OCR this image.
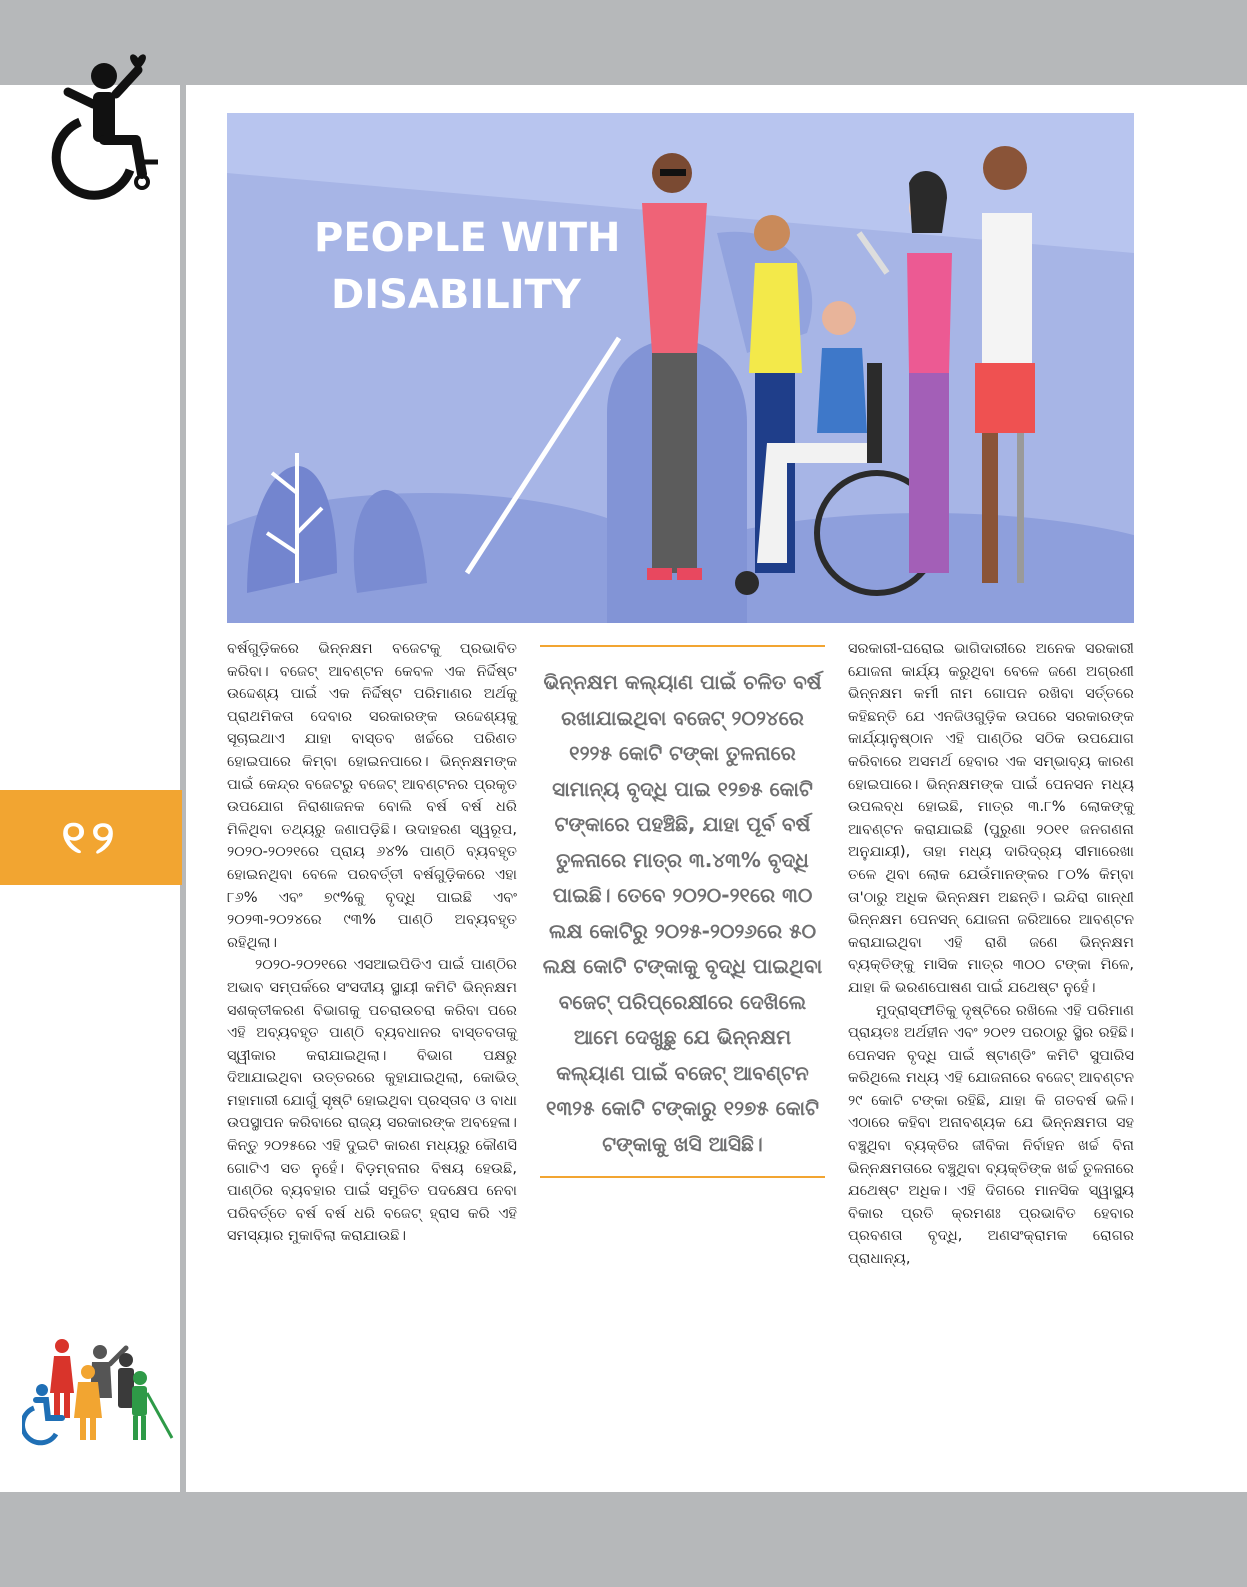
୧୨
PEOPLE WITH
DISABILITY

ବର୍ଷଗୁଡ଼ିକରେ ଭିନ୍ନକ୍ଷମ ବଜେଟକୁ ପ୍ରଭାବିତ କରିବା। ବଜେଟ୍ ଆବଣ୍ଟନ କେବଳ ଏକ ନିର୍ଦ୍ଦିଷ୍ଟ ଉଦ୍ଦେଶ୍ୟ ପାଇଁ ଏକ ନିର୍ଦ୍ଦିଷ୍ଟ ପରିମାଣର ଅର୍ଥକୁ ପ୍ରାଥମିକତା ଦେବାର ସରକାରଙ୍କ ଉଦ୍ଦେଶ୍ୟକୁ ସୂଚାଇଥାଏ ଯାହା ବାସ୍ତବ ଖର୍ଚ୍ଚରେ ପରିଣତ ହୋଇପାରେ କିମ୍ବା ହୋଇନପାରେ। ଭିନ୍ନକ୍ଷମଙ୍କ ପାଇଁ କେନ୍ଦ୍ର ବଜେଟରୁ ବଜେଟ୍ ଆବଣ୍ଟନର ପ୍ରକୃତ ଉପଯୋଗ ନିରାଶାଜନକ ବୋଲି ବର୍ଷ ବର୍ଷ ଧରି ମିଳିଥିବା ତଥ୍ୟରୁ ଜଣାପଡ଼ିଛି। ଉଦାହରଣ ସ୍ୱରୂପ, ୨୦୨୦-୨୦୨୧ରେ ପ୍ରାୟ ୬୪% ପାଣ୍ଠି ବ୍ୟବହୃତ ହୋଇନଥିବା ବେଳେ ପରବର୍ତ୍ତୀ ବର୍ଷଗୁଡ଼ିକରେ ଏହା ୮୬% ଏବଂ ୭୯%କୁ ବୃଦ୍ଧି ପାଇଛି ଏବଂ ୨୦୨୩-୨୦୨୪ରେ ୯୩% ପାଣ୍ଠି ଅବ୍ୟବହୃତ ରହିଥିଲା।

୨୦୨୦-୨୦୨୧ରେ ଏସଆଇପିଡିଏ ପାଇଁ ପାଣ୍ଠିର ଅଭାବ ସମ୍ପର୍କରେ ସଂସଦୀୟ ସ୍ଥାୟୀ କମିଟି ଭିନ୍ନକ୍ଷମ ସଶକ୍ତୀକରଣ ବିଭାଗକୁ ପଚରାଉଚରା କରିବା ପରେ ଏହି ଅବ୍ୟବହୃତ ପାଣ୍ଠି ବ୍ୟବଧାନର ବାସ୍ତବତାକୁ ସ୍ୱୀକାର କରାଯାଇଥିଲା। ବିଭାଗ ପକ୍ଷରୁ ଦିଆଯାଇଥିବା ଉତ୍ତରରେ କୁହାଯାଇଥିଲା, କୋଭିଡ୍ ମହାମାରୀ ଯୋଗୁଁ ସୃଷ୍ଟି ହୋଇଥିବା ପ୍ରସ୍ତାବ ଓ ବାଧା ଉପସ୍ଥାପନ କରିବାରେ ରାଜ୍ୟ ସରକାରଙ୍କ ଅବହେଳା। କିନ୍ତୁ ୨୦୨୫ରେ ଏହି ଦୁଇଟି କାରଣ ମଧ୍ୟରୁ କୌଣସି ଗୋଟିଏ ସତ ନୁହେଁ। ବିଡ଼ମ୍ବନାର ବିଷୟ ହେଉଛି, ପାଣ୍ଠିର ବ୍ୟବହାର ପାଇଁ ସମୁଚିତ ପଦକ୍ଷେପ ନେବା ପରିବର୍ତ୍ତେ ବର୍ଷ ବର୍ଷ ଧରି ବଜେଟ୍ ହ୍ରାସ କରି ଏହି ସମସ୍ୟାର ମୁକାବିଲା କରାଯାଉଛି।

ଭିନ୍ନକ୍ଷମ କଲ୍ୟାଣ ପାଇଁ ଚଳିତ ବର୍ଷ ରଖାଯାଇଥିବା ବଜେଟ୍ ୨୦୨୪ରେ ୧୨୨୫ କୋଟି ଟଙ୍କା ତୁଳନାରେ ସାମାନ୍ୟ ବୃଦ୍ଧି ପାଇ ୧୨୭୫ କୋଟି ଟଙ୍କାରେ ପହଞ୍ଚିଛି, ଯାହା ପୂର୍ବ ବର୍ଷ ତୁଳନାରେ ମାତ୍ର ୩.୪୩% ବୃଦ୍ଧି ପାଇଛି। ତେବେ ୨୦୨୦-୨୧ରେ ୩୦ ଲକ୍ଷ କୋଟିରୁ ୨୦୨୫-୨୦୨୬ରେ ୫୦ ଲକ୍ଷ କୋଟି ଟଙ୍କାକୁ ବୃଦ୍ଧି ପାଇଥିବା ବଜେଟ୍ ପରିପ୍ରେକ୍ଷୀରେ ଦେଖିଲେ ଆମେ ଦେଖୁଛୁ ଯେ ଭିନ୍ନକ୍ଷମ କଲ୍ୟାଣ ପାଇଁ ବଜେଟ୍ ଆବଣ୍ଟନ ୧୩୨୫ କୋଟି ଟଙ୍କାରୁ ୧୨୭୫ କୋଟି ଟଙ୍କାକୁ ଖସି ଆସିଛି।

ସରକାରୀ-ଘରୋଇ ଭାଗିଦାରୀରେ ଅନେକ ସରକାରୀ ଯୋଜନା କାର୍ଯ୍ୟ କରୁଥିବା ବେଳେ ଜଣେ ଅଗ୍ରଣୀ ଭିନ୍ନକ୍ଷମ କର୍ମୀ ନାମ ଗୋପନ ରଖିବା ସର୍ତ୍ତରେ କହିଛନ୍ତି ଯେ ଏନଜିଓଗୁଡ଼ିକ ଉପରେ ସରକାରଙ୍କ କାର୍ଯ୍ୟାନୁଷ୍ଠାନ ଏହି ପାଣ୍ଠିର ସଠିକ ଉପଯୋଗ କରିବାରେ ଅସମର୍ଥ ହେବାର ଏକ ସମ୍ଭାବ୍ୟ କାରଣ ହୋଇପାରେ। ଭିନ୍ନକ୍ଷମଙ୍କ ପାଇଁ ପେନସନ ମଧ୍ୟ ଉପଲବ୍ଧ ହୋଇଛି, ମାତ୍ର ୩.୮% ଲୋକଙ୍କୁ ଆବଣ୍ଟନ କରାଯାଇଛି (ପୁରୁଣା ୨୦୧୧ ଜନଗଣନା ଅନୁଯାୟୀ), ତାହା ମଧ୍ୟ ଦାରିଦ୍ର୍ୟ ସୀମାରେଖା ତଳେ ଥିବା ଲୋକ ଯେଉଁମାନଙ୍କର ୮୦% କିମ୍ବା ତା'ଠାରୁ ଅଧିକ ଭିନ୍ନକ୍ଷମ ଅଛନ୍ତି। ଇନ୍ଦିରା ଗାନ୍ଧୀ ଭିନ୍ନକ୍ଷମ ପେନସନ୍ ଯୋଜନା ଜରିଆରେ ଆବଣ୍ଟନ କରାଯାଇଥିବା ଏହି ରାଶି ଜଣେ ଭିନ୍ନକ୍ଷମ ବ୍ୟକ୍ତିଙ୍କୁ ମାସିକ ମାତ୍ର ୩୦୦ ଟଙ୍କା ମିଳେ, ଯାହା କି ଭରଣପୋଷଣ ପାଇଁ ଯଥେଷ୍ଟ ନୁହେଁ।

ମୁଦ୍ରାସ୍ଫୀତିକୁ ଦୃଷ୍ଟିରେ ରଖିଲେ ଏହି ପରିମାଣ ପ୍ରାୟତଃ ଅର୍ଥହୀନ ଏବଂ ୨୦୧୨ ପରଠାରୁ ସ୍ଥିର ରହିଛି। ପେନସନ ବୃଦ୍ଧି ପାଇଁ ଷ୍ଟାଣ୍ଡିଂ କମିଟି ସୁପାରିସ କରିଥିଲେ ମଧ୍ୟ ଏହି ଯୋଜନାରେ ବଜେଟ୍ ଆବଣ୍ଟନ ୨୯ କୋଟି ଟଙ୍କା ରହିଛି, ଯାହା କି ଗତବର୍ଷ ଭଳି। ଏଠାରେ କହିବା ଅନାବଶ୍ୟକ ଯେ ଭିନ୍ନକ୍ଷମତା ସହ ବଞ୍ଚୁଥିବା ବ୍ୟକ୍ତିର ଜୀବିକା ନିର୍ବାହନ ଖର୍ଚ୍ଚ ବିନା ଭିନ୍ନକ୍ଷମତାରେ ବଞ୍ଚୁଥିବା ବ୍ୟକ୍ତିଙ୍କ ଖର୍ଚ୍ଚ ତୁଳନାରେ ଯଥେଷ୍ଟ ଅଧିକ। ଏହି ଦିଗରେ ମାନସିକ ସ୍ୱାସ୍ଥ୍ୟ ବିକାର ପ୍ରତି କ୍ରମଶଃ ପ୍ରଭାବିତ ହେବାର ପ୍ରବଣତା ବୃଦ୍ଧି, ଅଣସଂକ୍ରାମକ ରୋଗର ପ୍ରାଧାନ୍ୟ,
